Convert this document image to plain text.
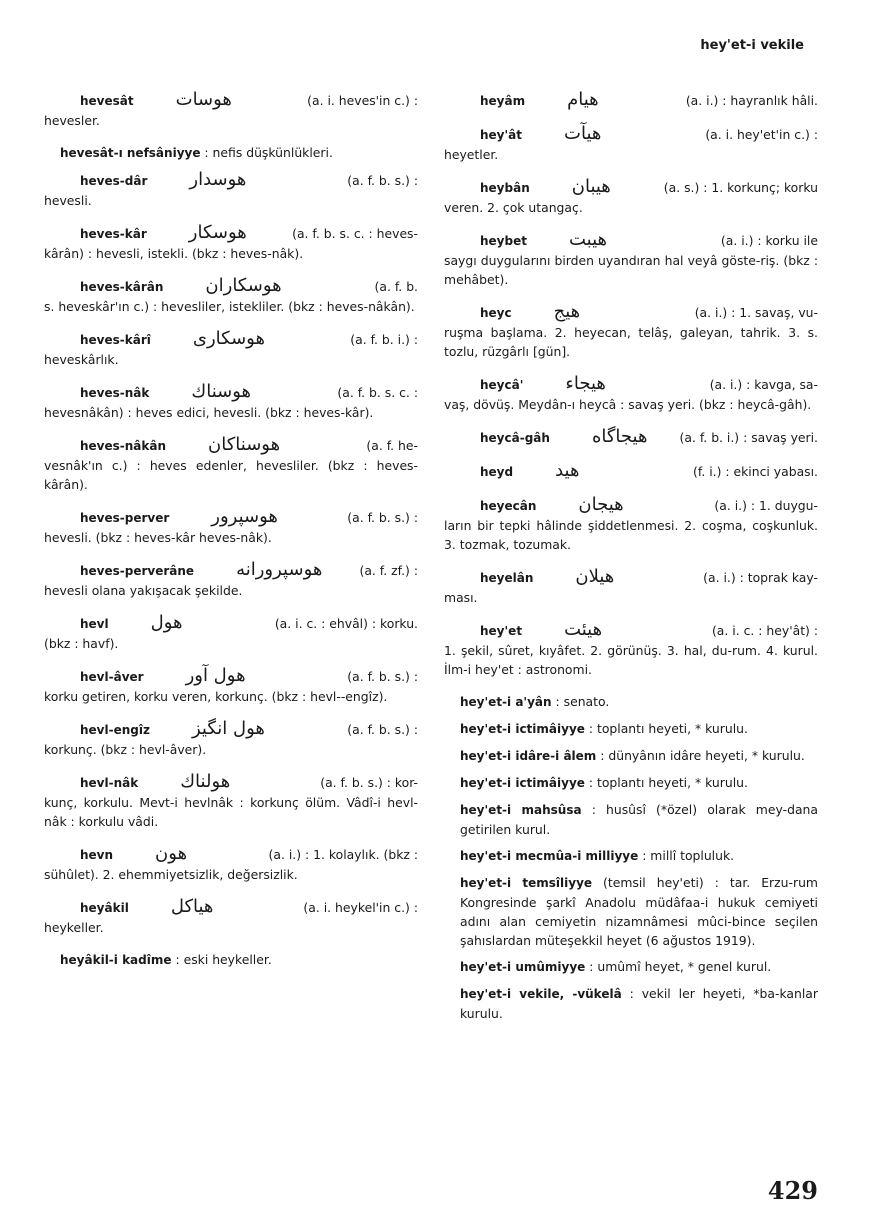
hey'et-i vekile
hevesât هوسات	(a. i. heves'in c.) :
hevesler.
hevesât-ı nefsâniyye : nefis düşkünlükleri.
heves-dâr هوسدار	(a. f. b. s.) :
hevesli.
heves-kâr هوسكار	(a. f. b. s. c. : heves-
kârân) : hevesli, istekli. (bkz : heves-nâk).
heves-kârân هوسكاران	(a. f. b.
s. heveskâr'ın c.) : hevesliler, istekliler. (bkz : heves-nâkân).
heves-kârî هوسكارى	(a. f. b. i.) :
heveskârlık.
heves-nâk هوسناك	(a. f. b. s. c. :
hevesnâkân) : heves edici, hevesli. (bkz : heves-kâr).
heves-nâkân هوسناكان	(a. f. he-
vesnâk'ın c.) : heves edenler, hevesliler. (bkz : heves-kârân).
heves-perver هوسپرور	(a. f. b. s.) :
hevesli. (bkz : heves-kâr heves-nâk).
heves-perverâne هوسپرورانه	(a. f. zf.) :
hevesli olana yakışacak şekilde.
hevl هول	(a. i. c. : ehvâl) : korku.
(bkz : havf).
hevl-âver هول آور	(a. f. b. s.) :
korku getiren, korku veren, korkunç. (bkz : hevl--engîz).
hevl-engîz هول انگيز	(a. f. b. s.) :
korkunç. (bkz : hevl-âver).
hevl-nâk هولناك	(a. f. b. s.) : kor-
kunç, korkulu. Mevt-i hevlnâk : korkunç ölüm. Vâdî-i hevl-nâk : korkulu vâdi.
hevn هون	(a. i.) : 1. kolaylık. (bkz :
sühûlet). 2. ehemmiyetsizlik, değersizlik.
heyâkil هياكل	(a. i. heykel'in c.) :
heykeller.
heyâkil-i kadîme : eski heykeller.
heyâm هيام	(a. i.) : hayranlık hâli.
hey'ât هيآت	(a. i. hey'et'in c.) :
heyetler.
heybân هيبان	(a. s.) : 1. korkunç; korku
veren. 2. çok utangaç.
heybet هيبت	(a. i.) : korku ile
saygı duygularını birden uyandıran hal veyâ göste-riş. (bkz : mehâbet).
heyc هيج	(a. i.) : 1. savaş, vu-
ruşma başlama. 2. heyecan, telâş, galeyan, tahrik. 3. s. tozlu, rüzgârlı [gün].
heycâ' هيجاء	(a. i.) : kavga, sa-
vaş, dövüş. Meydân-ı heycâ : savaş yeri. (bkz : heycâ-gâh).
heycâ-gâh هيجاگاه	(a. f. b. i.) : savaş yeri.
heyd هيد	(f. i.) : ekinci yabası.
heyecân هيجان	(a. i.) : 1. duygu-
ların bir tepki hâlinde şiddetlenmesi. 2. coşma, coşkunluk. 3. tozmak, tozumak.
heyelân هيلان	(a. i.) : toprak kay-
ması.
hey'et هيئت	(a. i. c. : hey'ât) :
1. şekil, sûret, kıyâfet. 2. görünüş. 3. hal, du-rum. 4. kurul. İlm-i hey'et : astronomi.
hey'et-i a'yân : senato.
hey'et-i ictimâiyye : toplantı heyeti, * kurulu.
hey'et-i idâre-i âlem : dünyânın idâre heyeti, * kurulu.
hey'et-i ictimâiyye : toplantı heyeti, * kurulu.
hey'et-i mahsûsa : husûsî (*özel) olarak mey-dana getirilen kurul.
hey'et-i mecmûa-i milliyye : millî topluluk.
hey'et-i temsîliyye (temsil hey'eti) : tar. Erzu-rum Kongresinde şarkî Anadolu müdâfaa-i hukuk cemiyeti adını alan cemiyetin nizamnâmesi mûci-bince seçilen şahıslardan müteşekkil heyet (6 ağustos 1919).
hey'et-i umûmiyye : umûmî heyet, * genel kurul.
hey'et-i vekile, -vükelâ : vekil ler heyeti, *ba-kanlar kurulu.
429
